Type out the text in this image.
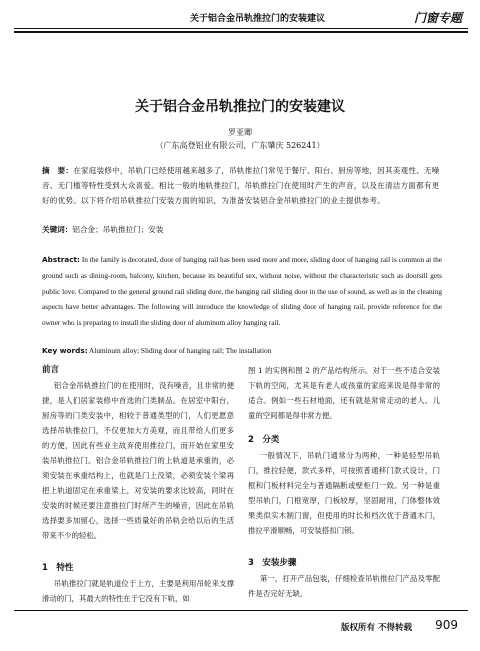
关于铝合金吊轨推拉门的安装建议	门窗专题
关于铝合金吊轨推拉门的安装建议
罗亚卿
（广东高登铝业有限公司，广东肇庆 526241）
摘　要：在家庭装修中，吊轨门已经使用越来越多了，吊轨推拉门常见于餐厅、阳台、厨房等地，因其美观性、无噪音、无门槛等特性受到大众喜爱。相比一般的地轨推拉门，吊轨推拉门在使用时产生的声音，以及在清洁方面都有更好的优势。以下将介绍吊轨推拉门安装方面的知识，为准备安装铝合金吊轨推拉门的业主提供参考。
关键词：铝合金；吊轨推拉门；安装
Abstract: In the family is decorated, door of hanging rail has been used more and more, sliding door of hanging rail is common at the ground such as dining-room, balcony, kitchen, because its beautiful sex, without noise, without the characteristic such as doorsill gets public love. Compared to the general ground rail sliding door, the hanging rail sliding door in the use of sound, as well as in the cleaning aspects have better advantages. The following will introduce the knowledge of sliding door of hanging rail, provide reference for the owner who is preparing to install the sliding door of aluminum alloy hanging rail.
Key words: Aluminum alloy; Sliding door of hanging rail; The installation

前言

铝合金吊轨推拉门的在使用时，没有噪音，且非常的便捷，是人们居家装修中首选的门类制品。在居室中阳台，厨房等的门类安装中，相较于普通类型的门，人们更愿意选择吊轨推拉门，不仅更加大方美观，而且带给人们更多的方便，因此有些业主故弃使用推拉门，而开始在家里安装吊轨推拉门。铝合金吊轨推拉门的上轨道是承重的，必须安装在承重结构上，也就是门上没梁，必须安装个梁再把上轨道固定在承重梁上，对安装的要求比较高，同时在安装的时候还要注意推拉门时所产生的噪音，因此在吊轨选择要多加留心，选择一些质量好的吊轨会给以后的生活带来不少的轻松。

1　特性

吊轨推拉门就是轨道位于上方，主要是利用吊轮来支撑滑动的门，其最大的特性在于它没有下轨，如

图 1 的实例和图 2 的产品结构所示。对于一些不适合安装下轨的空间，尤其是有老人或孩童的家庭来说是得非常的适合。例如一些石材地面，还有就是常常走动的老人、儿童的空间都是得非常方便。

2　分类

一般情况下，吊轨门通常分为两种，一种是轻型吊轨门，推拉轻便，款式多样，可按照普通移门款式设计，门框和门板材料完全与普通隔断或壁柜门一致。另一种是重型吊轨门，门框宽厚，门板较厚，坚固耐用，门体整体效果类似实木制门窗，但使用的时长和档次优于普通木门，推拉平滑顺畅，可安装搭扣门锁。

3　安装步骤

第一，打开产品包装，仔细检查吊轨推拉门产品及零配件是否完好无缺。

版权所有 不得转载 909
